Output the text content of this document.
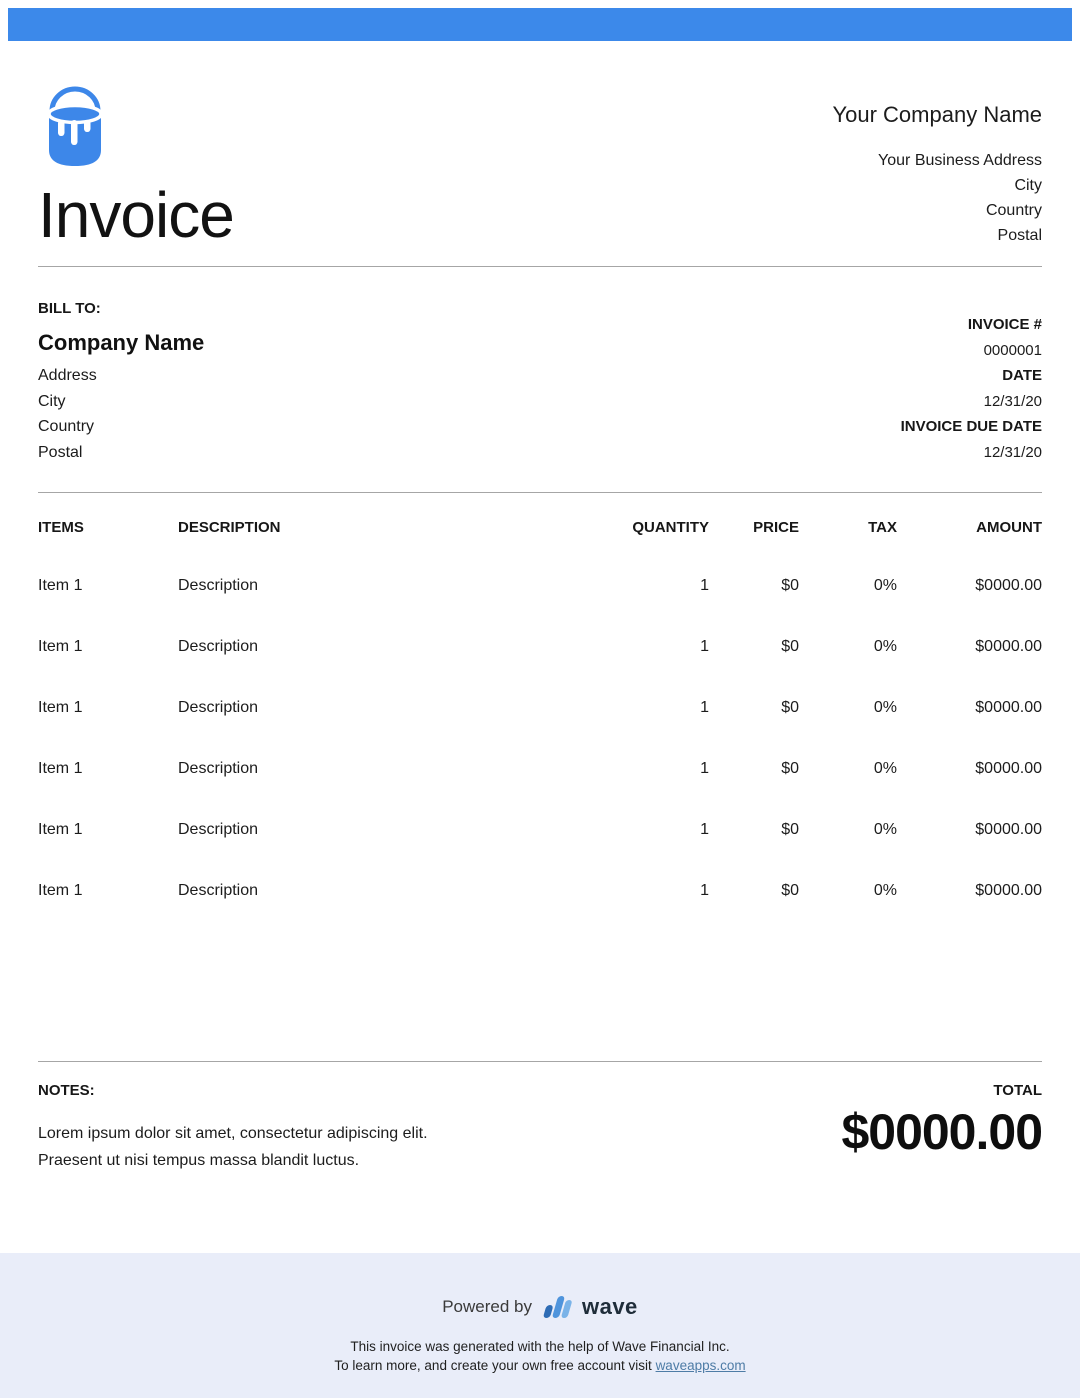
Invoice
Your Company Name
Your Business Address
City
Country
Postal
BILL TO:
Company Name
Address
City
Country
Postal
INVOICE #
0000001
DATE
12/31/20
INVOICE DUE DATE
12/31/20
ITEMS	DESCRIPTION	QUANTITY	PRICE	TAX	AMOUNT
Item 1	Description	1	$0	0%	$0000.00
Item 1	Description	1	$0	0%	$0000.00
Item 1	Description	1	$0	0%	$0000.00
Item 1	Description	1	$0	0%	$0000.00
Item 1	Description	1	$0	0%	$0000.00
Item 1	Description	1	$0	0%	$0000.00
NOTES:
Lorem ipsum dolor sit amet, consectetur adipiscing elit.
Praesent ut nisi tempus massa blandit luctus.
TOTAL
$0000.00
Powered by wave
This invoice was generated with the help of Wave Financial Inc.
To learn more, and create your own free account visit waveapps.com
